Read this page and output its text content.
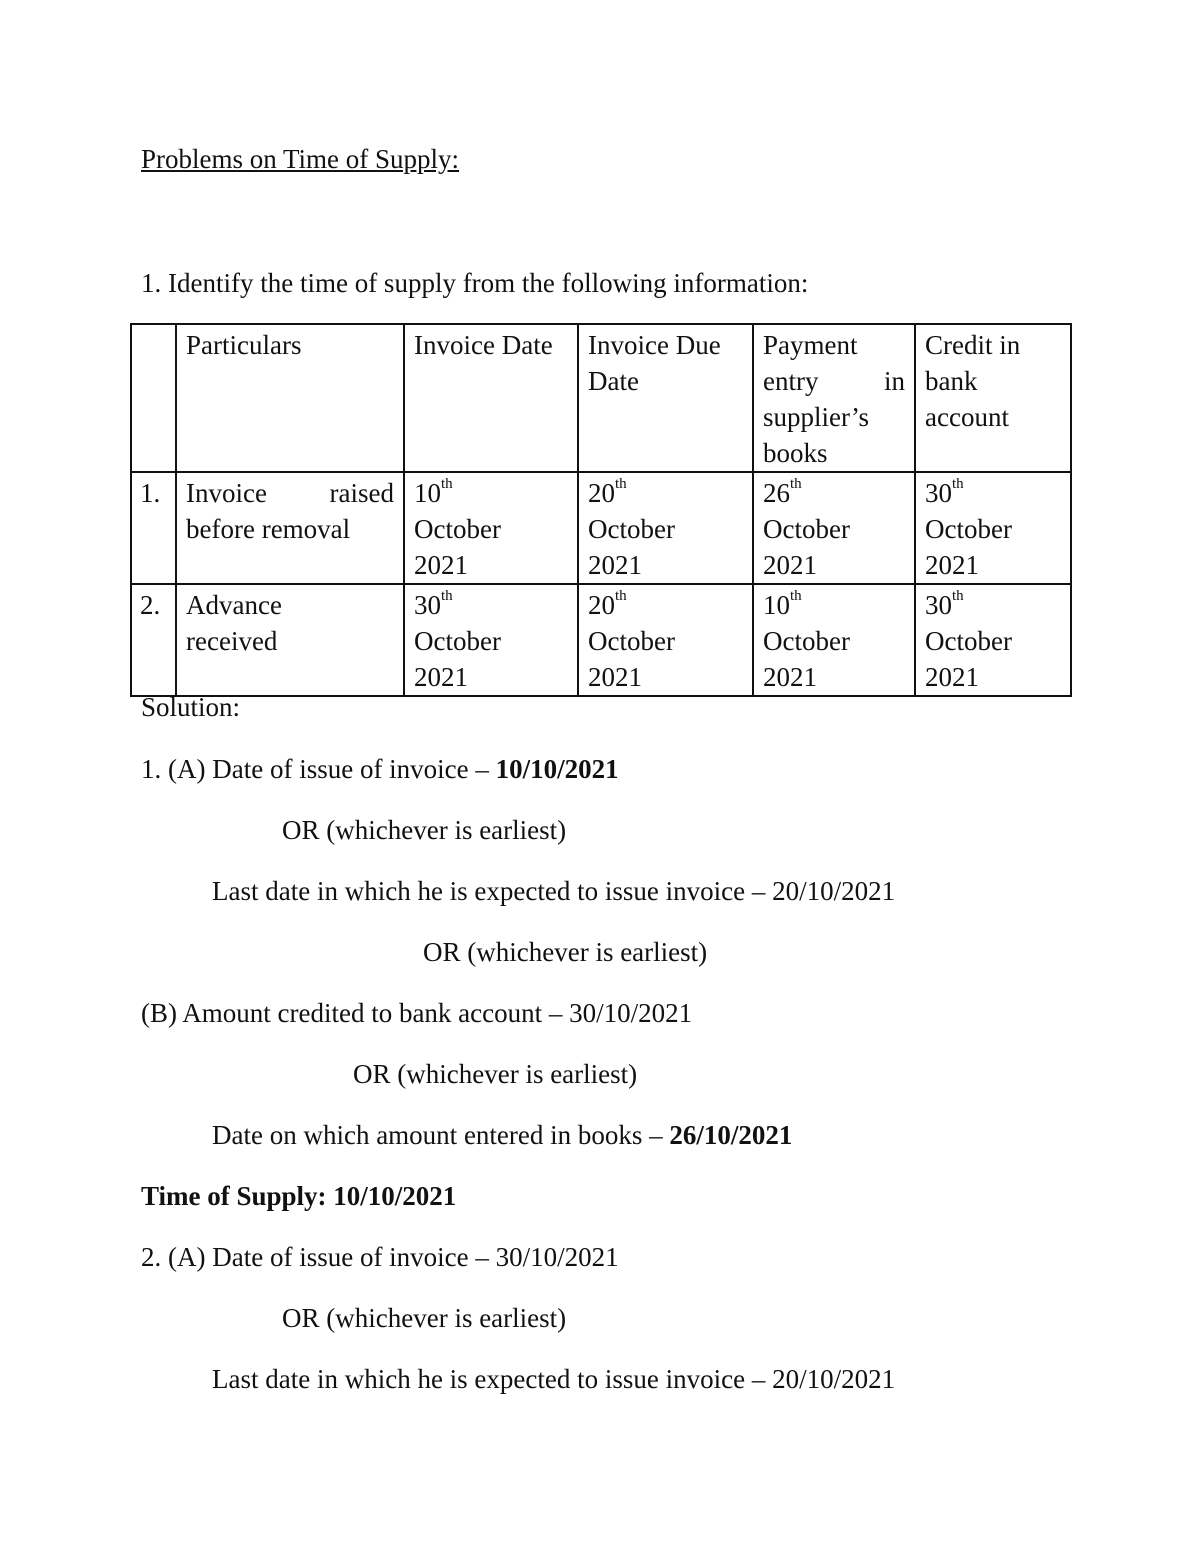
Problems on Time of Supply:
1. Identify the time of supply from the following information:
	Particulars	Invoice Date	Invoice Due Date	Payment entry in supplier’s books	Credit in bank account
1.	Invoice raised before removal	10th
October
2021	20th
October
2021	26th
October
2021	30th
October
2021
2.	Advance received	30th
October
2021	20th
October
2021	10th
October
2021	30th
October
2021
Solution:
1. (A) Date of issue of invoice – 10/10/2021
OR (whichever is earliest)
Last date in which he is expected to issue invoice – 20/10/2021
OR (whichever is earliest)
(B) Amount credited to bank account – 30/10/2021
OR (whichever is earliest)
Date on which amount entered in books – 26/10/2021
Time of Supply: 10/10/2021
2. (A) Date of issue of invoice – 30/10/2021
OR (whichever is earliest)
Last date in which he is expected to issue invoice – 20/10/2021
